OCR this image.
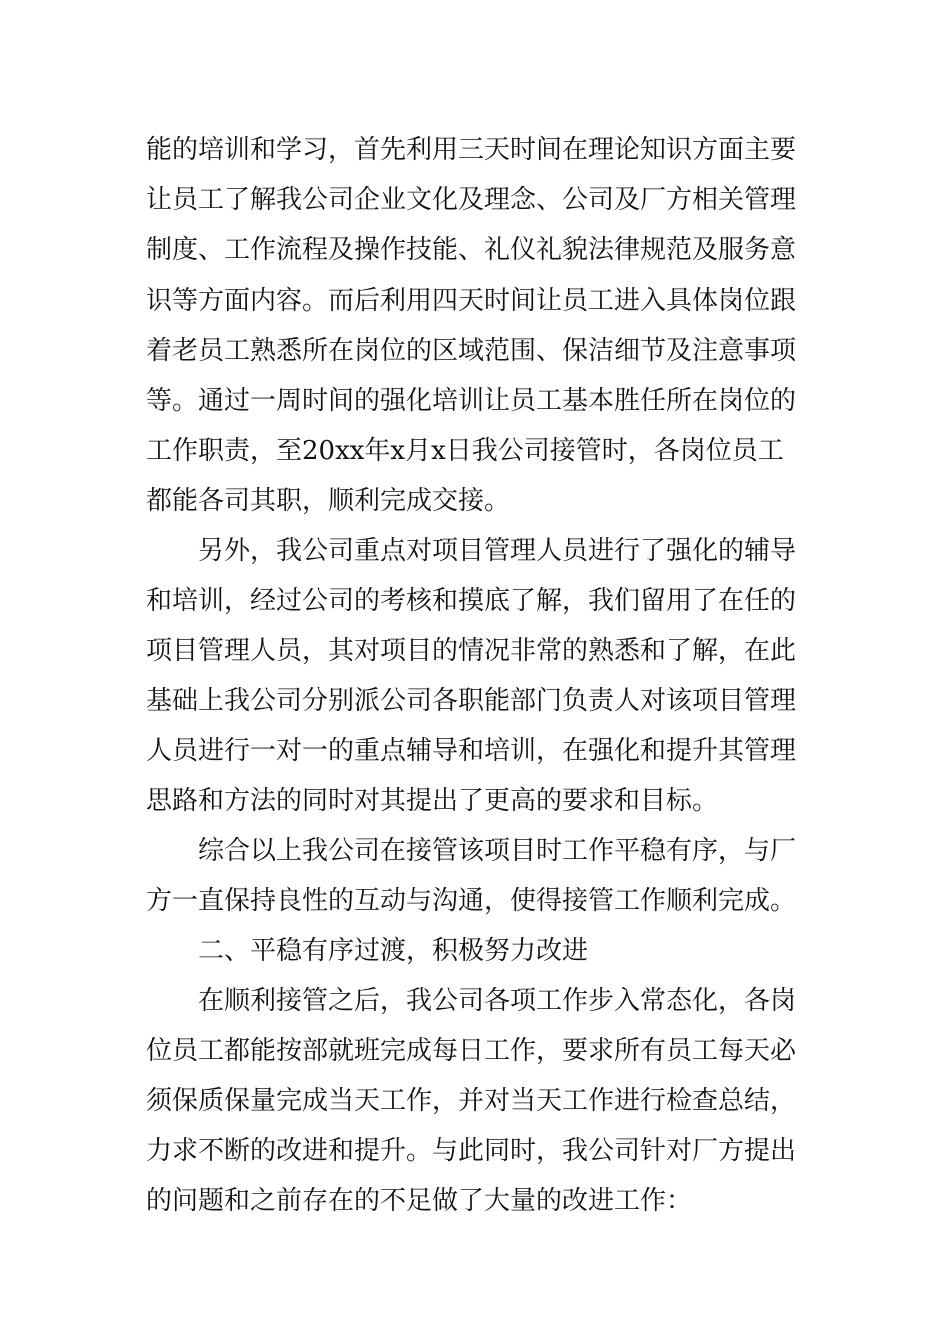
能的培训和学习，首先利用三天时间在理论知识方面主要
让员工了解我公司企业文化及理念、公司及厂方相关管理
制度、工作流程及操作技能、礼仪礼貌法律规范及服务意
识等方面内容。而后利用四天时间让员工进入具体岗位跟
着老员工熟悉所在岗位的区域范围、保洁细节及注意事项
等。通过一周时间的强化培训让员工基本胜任所在岗位的
工作职责，至20xx年x月x日我公司接管时，各岗位员工
都能各司其职，顺利完成交接。
另外，我公司重点对项目管理人员进行了强化的辅导
和培训，经过公司的考核和摸底了解，我们留用了在任的
项目管理人员，其对项目的情况非常的熟悉和了解，在此
基础上我公司分别派公司各职能部门负责人对该项目管理
人员进行一对一的重点辅导和培训，在强化和提升其管理
思路和方法的同时对其提出了更高的要求和目标。
综合以上我公司在接管该项目时工作平稳有序，与厂
方一直保持良性的互动与沟通，使得接管工作顺利完成。
二、平稳有序过渡，积极努力改进
在顺利接管之后，我公司各项工作步入常态化，各岗
位员工都能按部就班完成每日工作，要求所有员工每天必
须保质保量完成当天工作，并对当天工作进行检查总结，
力求不断的改进和提升。与此同时，我公司针对厂方提出
的问题和之前存在的不足做了大量的改进工作：
